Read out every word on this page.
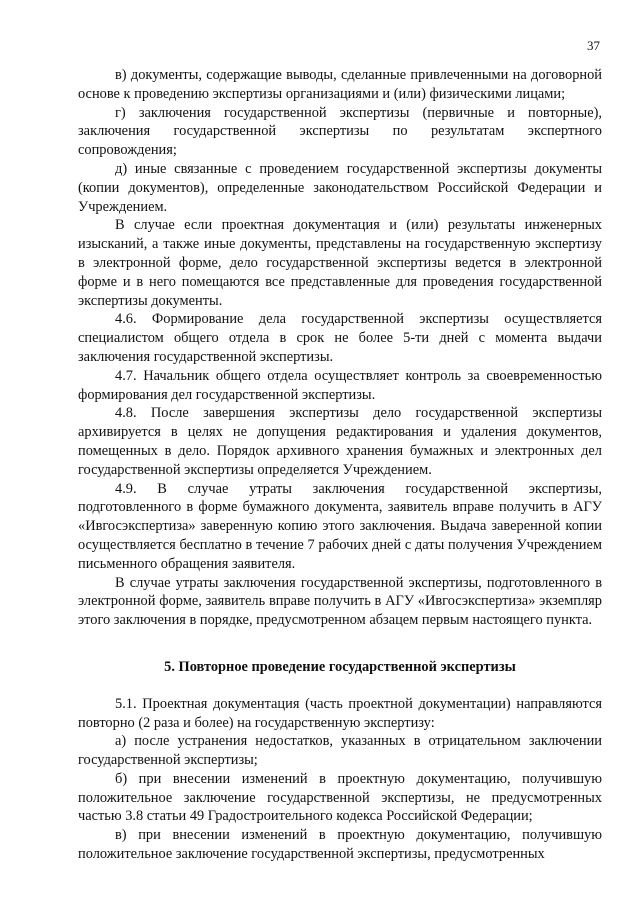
37

в) документы, содержащие выводы, сделанные привлеченными на договорной основе к проведению экспертизы организациями и (или) физическими лицами;

г) заключения государственной экспертизы (первичные и повторные), заключения государственной экспертизы по результатам экспертного сопровождения;

д) иные связанные с проведением государственной экспертизы документы (копии документов), определенные законодательством Российской Федерации и Учреждением.

В случае если проектная документация и (или) результаты инженерных изысканий, а также иные документы, представлены на государственную экспертизу в электронной форме, дело государственной экспертизы ведется в электронной форме и в него помещаются все представленные для проведения государственной экспертизы документы.

4.6. Формирование дела государственной экспертизы осуществляется специалистом общего отдела в срок не более 5-ти дней с момента выдачи заключения государственной экспертизы.

4.7. Начальник общего отдела осуществляет контроль за своевременностью формирования дел государственной экспертизы.

4.8. После завершения экспертизы дело государственной экспертизы архивируется в целях не допущения редактирования и удаления документов, помещенных в дело. Порядок архивного хранения бумажных и электронных дел государственной экспертизы определяется Учреждением.

4.9. В случае утраты заключения государственной экспертизы, подготовленного в форме бумажного документа, заявитель вправе получить в АГУ «Ивгосэкспертиза» заверенную копию этого заключения. Выдача заверенной копии осуществляется бесплатно в течение 7 рабочих дней с даты получения Учреждением письменного обращения заявителя.

В случае утраты заключения государственной экспертизы, подготовленного в электронной форме, заявитель вправе получить в АГУ «Ивгосэкспертиза» экземпляр этого заключения в порядке, предусмотренном абзацем первым настоящего пункта.

5. Повторное проведение государственной экспертизы

5.1. Проектная документация (часть проектной документации) направляются повторно (2 раза и более) на государственную экспертизу:

а) после устранения недостатков, указанных в отрицательном заключении государственной экспертизы;

б) при внесении изменений в проектную документацию, получившую положительное заключение государственной экспертизы, не предусмотренных частью 3.8 статьи 49 Градостроительного кодекса Российской Федерации;

в) при внесении изменений в проектную документацию, получившую положительное заключение государственной экспертизы, предусмотренных
